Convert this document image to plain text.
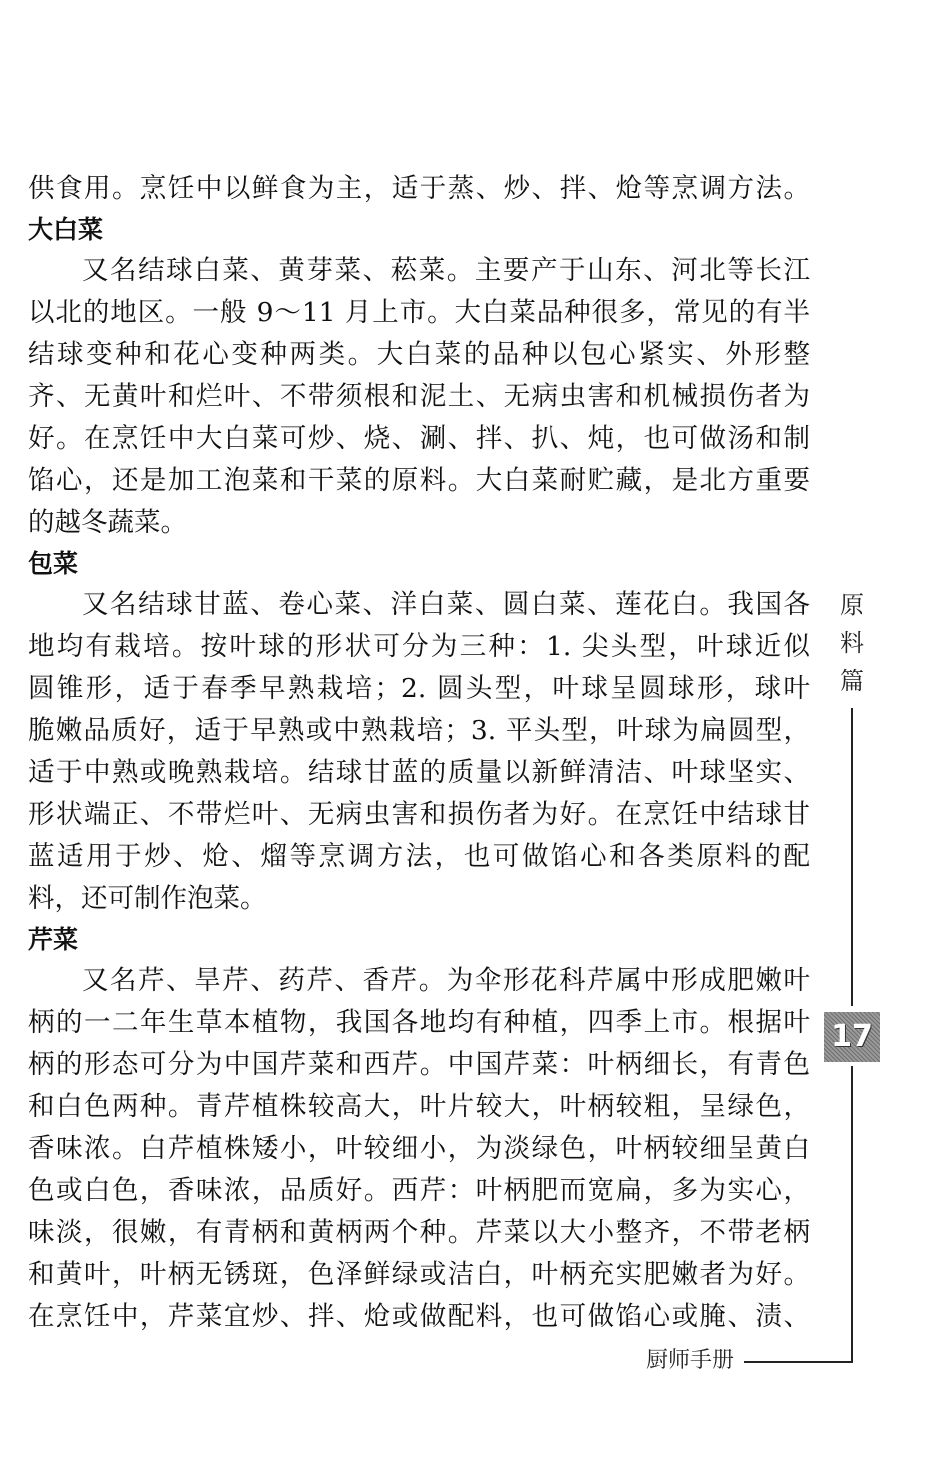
供食用。烹饪中以鲜食为主，适于蒸、炒、拌、炝等烹调方法。
大白菜
又名结球白菜、黄芽菜、菘菜。主要产于山东、河北等长江
以北的地区。一般 9～11 月上市。大白菜品种很多，常见的有半
结球变种和花心变种两类。大白菜的品种以包心紧实、外形整
齐、无黄叶和烂叶、不带须根和泥土、无病虫害和机械损伤者为
好。在烹饪中大白菜可炒、烧、涮、拌、扒、炖，也可做汤和制
馅心，还是加工泡菜和干菜的原料。大白菜耐贮藏，是北方重要
的越冬蔬菜。
包菜
又名结球甘蓝、卷心菜、洋白菜、圆白菜、莲花白。我国各
地均有栽培。按叶球的形状可分为三种：1. 尖头型，叶球近似
圆锥形，适于春季早熟栽培；2. 圆头型，叶球呈圆球形，球叶
脆嫩品质好，适于早熟或中熟栽培；3. 平头型，叶球为扁圆型，
适于中熟或晚熟栽培。结球甘蓝的质量以新鲜清洁、叶球坚实、
形状端正、不带烂叶、无病虫害和损伤者为好。在烹饪中结球甘
蓝适用于炒、炝、熘等烹调方法，也可做馅心和各类原料的配
料，还可制作泡菜。
芹菜
又名芹、旱芹、药芹、香芹。为伞形花科芹属中形成肥嫩叶
柄的一二年生草本植物，我国各地均有种植，四季上市。根据叶
柄的形态可分为中国芹菜和西芹。中国芹菜：叶柄细长，有青色
和白色两种。青芹植株较高大，叶片较大，叶柄较粗，呈绿色，
香味浓。白芹植株矮小，叶较细小，为淡绿色，叶柄较细呈黄白
色或白色，香味浓，品质好。西芹：叶柄肥而宽扁，多为实心，
味淡，很嫩，有青柄和黄柄两个种。芹菜以大小整齐，不带老柄
和黄叶，叶柄无锈斑，色泽鲜绿或洁白，叶柄充实肥嫩者为好。
在烹饪中，芹菜宜炒、拌、炝或做配料，也可做馅心或腌、渍、
原
料
篇
17
厨师手册
